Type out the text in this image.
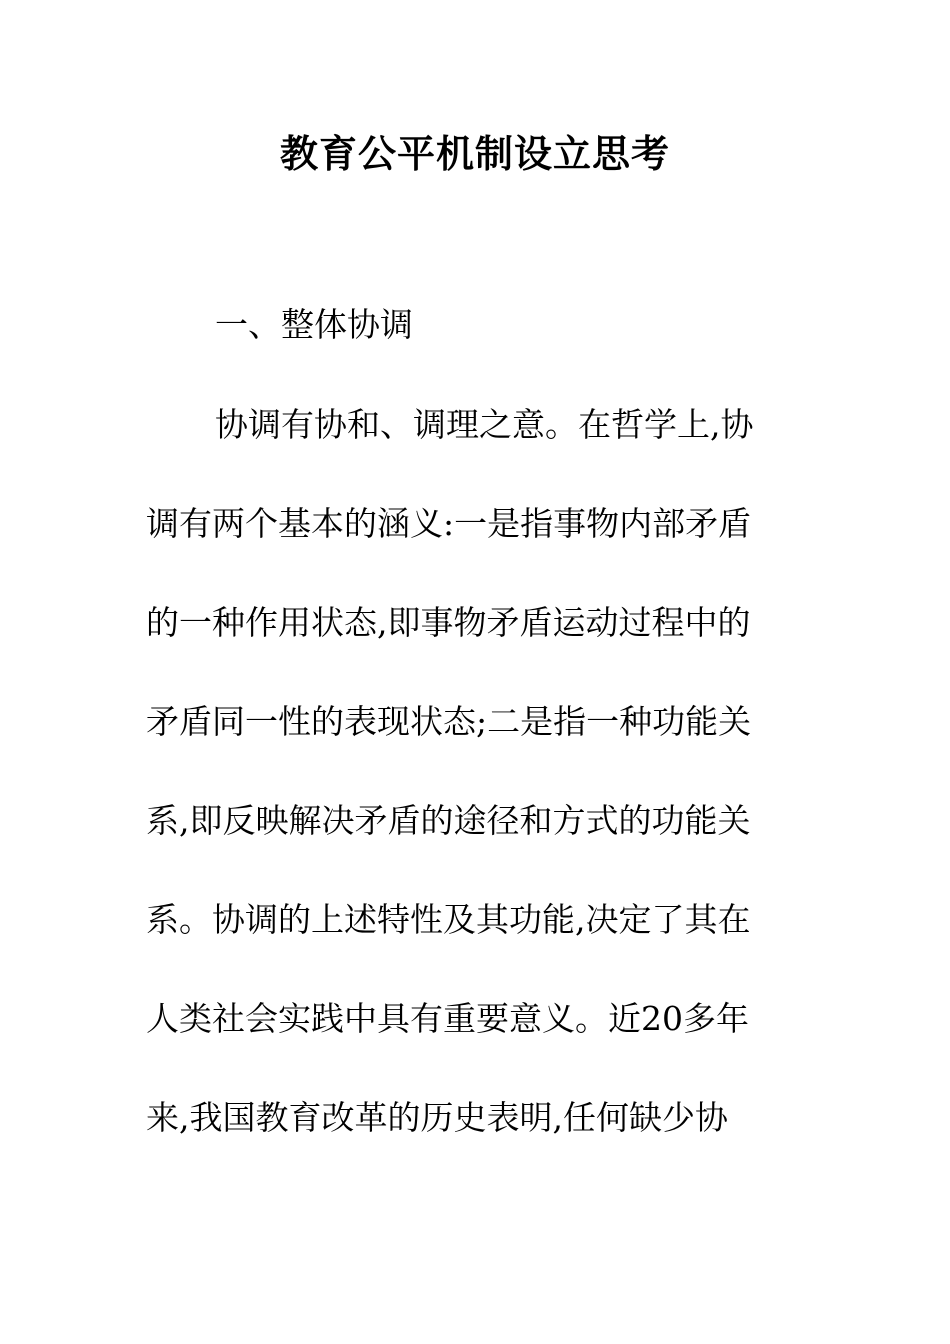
教育公平机制设立思考

一、整体协调

协调有协和、调理之意。在哲学上,协

调有两个基本的涵义:一是指事物内部矛盾

的一种作用状态,即事物矛盾运动过程中的

矛盾同一性的表现状态;二是指一种功能关

系,即反映解决矛盾的途径和方式的功能关

系。协调的上述特性及其功能,决定了其在

人类社会实践中具有重要意义。近20多年

来,我国教育改革的历史表明,任何缺少协
